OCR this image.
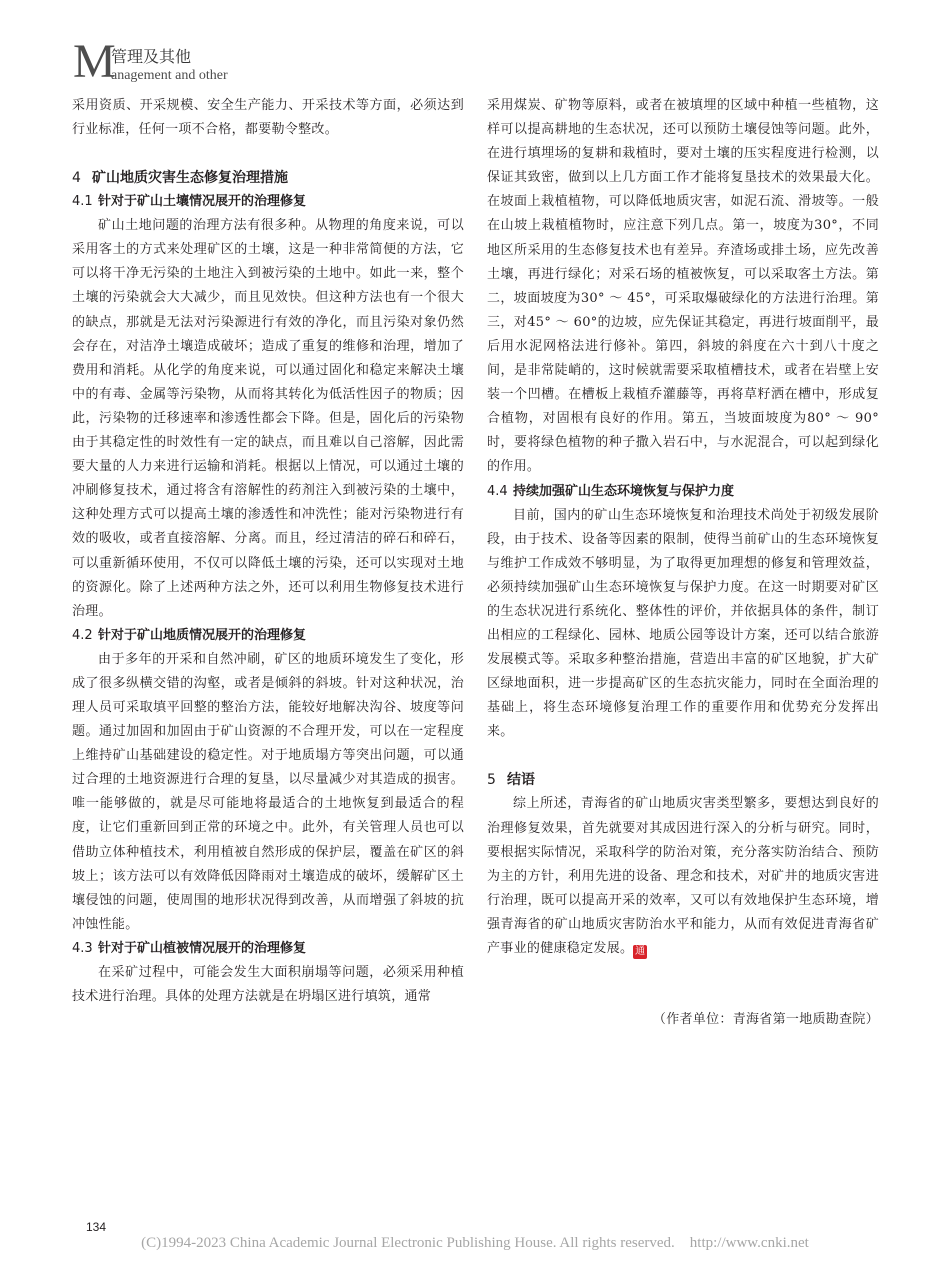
M
管理及其他
anagement and other

采用资质、开采规模、安全生产能力、开采技术等方面，必须达到行业标准，任何一项不合格，都要勒令整改。

4 矿山地质灾害生态修复治理措施
4.1 针对于矿山土壤情况展开的治理修复

矿山土地问题的治理方法有很多种。从物理的角度来说，可以采用客土的方式来处理矿区的土壤，这是一种非常简便的方法，它可以将干净无污染的土地注入到被污染的土地中。如此一来，整个土壤的污染就会大大减少，而且见效快。但这种方法也有一个很大的缺点，那就是无法对污染源进行有效的净化，而且污染对象仍然会存在，对洁净土壤造成破坏；造成了重复的维修和治理，增加了费用和消耗。从化学的角度来说，可以通过固化和稳定来解决土壤中的有毒、金属等污染物，从而将其转化为低活性因子的物质；因此，污染物的迁移速率和渗透性都会下降。但是，固化后的污染物由于其稳定性的时效性有一定的缺点，而且难以自己溶解，因此需要大量的人力来进行运输和消耗。根据以上情况，可以通过土壤的冲刷修复技术，通过将含有溶解性的药剂注入到被污染的土壤中，这种处理方式可以提高土壤的渗透性和冲洗性；能对污染物进行有效的吸收，或者直接溶解、分离。而且，经过清洁的碎石和碎石，可以重新循环使用，不仅可以降低土壤的污染，还可以实现对土地的资源化。除了上述两种方法之外，还可以利用生物修复技术进行治理。

4.2 针对于矿山地质情况展开的治理修复

由于多年的开采和自然冲刷，矿区的地质环境发生了变化，形成了很多纵横交错的沟壑，或者是倾斜的斜坡。针对这种状况，治理人员可采取填平回整的整治方法，能较好地解决沟谷、坡度等问题。通过加固和加固由于矿山资源的不合理开发，可以在一定程度上维持矿山基础建设的稳定性。对于地质塌方等突出问题，可以通过合理的土地资源进行合理的复垦，以尽量减少对其造成的损害。唯一能够做的，就是尽可能地将最适合的土地恢复到最适合的程度，让它们重新回到正常的环境之中。此外，有关管理人员也可以借助立体种植技术，利用植被自然形成的保护层，覆盖在矿区的斜坡上；该方法可以有效降低因降雨对土壤造成的破坏，缓解矿区土壤侵蚀的问题，使周围的地形状况得到改善，从而增强了斜坡的抗冲蚀性能。

4.3 针对于矿山植被情况展开的治理修复

在采矿过程中，可能会发生大面积崩塌等问题，必须采用种植技术进行治理。具体的处理方法就是在坍塌区进行填筑，通常

采用煤炭、矿物等原料，或者在被填埋的区域中种植一些植物，这样可以提高耕地的生态状况，还可以预防土壤侵蚀等问题。此外，在进行填埋场的复耕和栽植时，要对土壤的压实程度进行检测，以保证其致密，做到以上几方面工作才能将复垦技术的效果最大化。在坡面上栽植植物，可以降低地质灾害，如泥石流、滑坡等。一般在山坡上栽植植物时，应注意下列几点。第一，坡度为30°，不同地区所采用的生态修复技术也有差异。弃渣场或排土场，应先改善土壤，再进行绿化；对采石场的植被恢复，可以采取客土方法。第二，坡面坡度为30° ～ 45°，可采取爆破绿化的方法进行治理。第三，对45° ～ 60°的边坡，应先保证其稳定，再进行坡面削平，最后用水泥网格法进行修补。第四，斜坡的斜度在六十到八十度之间，是非常陡峭的，这时候就需要采取植槽技术，或者在岩壁上安装一个凹槽。在槽板上栽植乔灌藤等，再将草籽洒在槽中，形成复合植物，对固根有良好的作用。第五，当坡面坡度为80° ～ 90°时，要将绿色植物的种子撒入岩石中，与水泥混合，可以起到绿化的作用。

4.4 持续加强矿山生态环境恢复与保护力度

目前，国内的矿山生态环境恢复和治理技术尚处于初级发展阶段，由于技术、设备等因素的限制，使得当前矿山的生态环境恢复与维护工作成效不够明显，为了取得更加理想的修复和管理效益，必须持续加强矿山生态环境恢复与保护力度。在这一时期要对矿区的生态状况进行系统化、整体性的评价，并依据具体的条件，制订出相应的工程绿化、园林、地质公园等设计方案，还可以结合旅游发展模式等。采取多种整治措施，营造出丰富的矿区地貌，扩大矿区绿地面积，进一步提高矿区的生态抗灾能力，同时在全面治理的基础上，将生态环境修复治理工作的重要作用和优势充分发挥出来。

5 结语

综上所述，青海省的矿山地质灾害类型繁多，要想达到良好的治理修复效果，首先就要对其成因进行深入的分析与研究。同时，要根据实际情况，采取科学的防治对策，充分落实防治结合、预防为主的方针，利用先进的设备、理念和技术，对矿井的地质灾害进行治理，既可以提高开采的效率，又可以有效地保护生态环境，增强青海省的矿山地质灾害防治水平和能力，从而有效促进青海省矿产事业的健康稳定发展。 通

（作者单位：青海省第一地质勘查院）
134
(C)1994-2023 China Academic Journal Electronic Publishing House. All rights reserved.    http://www.cnki.net
